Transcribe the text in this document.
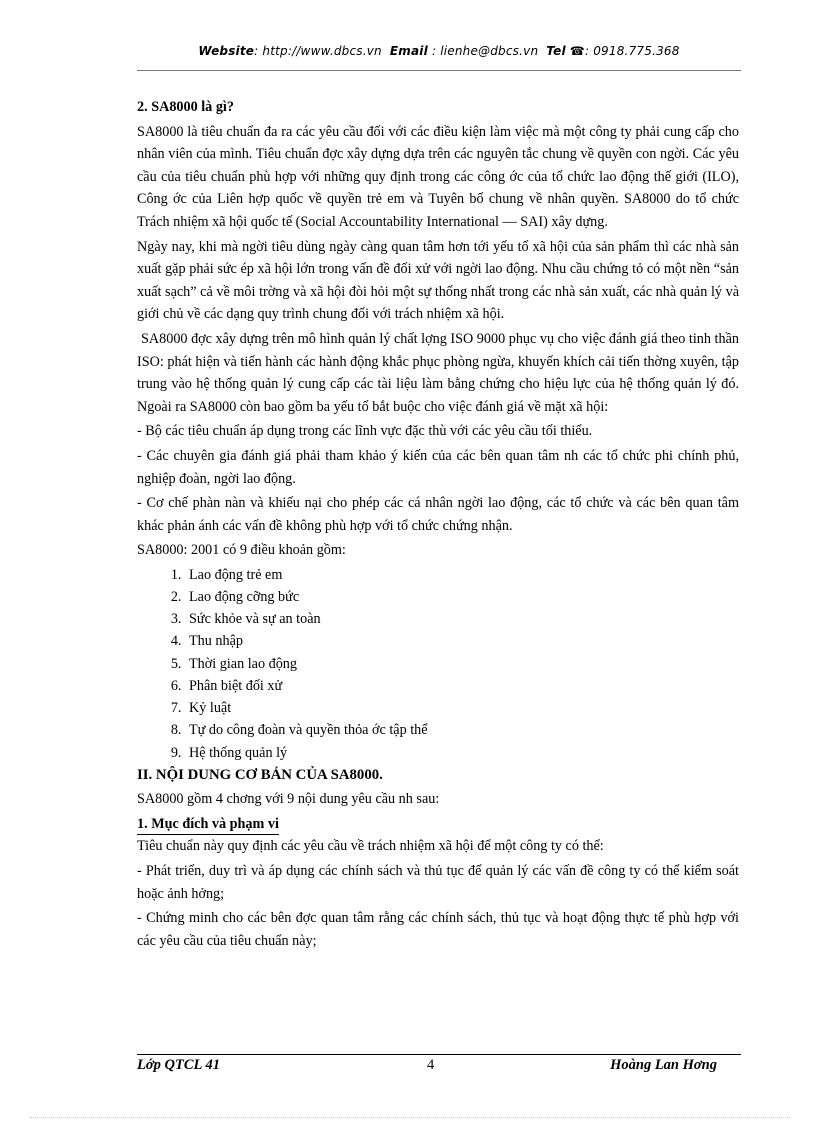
Website: http://www.dbcs.vn Email : lienhe@dbcs.vn Tel ☎: 0918.775.368

2. SA8000 là gì?

SA8000 là tiêu chuẩn đa ra các yêu cầu đối với các điều kiện làm việc mà một công ty phải cung cấp cho nhân viên của mình. Tiêu chuẩn đợc xây dựng dựa trên các nguyên tắc chung về quyền con ngời. Các yêu cầu của tiêu chuẩn phù hợp với những quy định trong các công ớc của tổ chức lao động thế giới (ILO), Công ớc của Liên hợp quốc về quyền trẻ em và Tuyên bố chung về nhân quyền. SA8000 do tổ chức Trách nhiệm xã hội quốc tế (Social Accountability International — SAI) xây dựng.

Ngày nay, khi mà ngời tiêu dùng ngày càng quan tâm hơn tới yếu tố xã hội của sản phẩm thì các nhà sản xuất gặp phải sức ép xã hội lớn trong vấn đề đối xử với ngời lao động. Nhu cầu chứng tỏ có một nền “sản xuất sạch” cả về môi trờng và xã hội đòi hỏi một sự thống nhất trong các nhà sản xuất, các nhà quản lý và giới chủ về các dạng quy trình chung đối với trách nhiệm xã hội.

SA8000 đợc xây dựng trên mô hình quản lý chất lợng ISO 9000 phục vụ cho việc đánh giá theo tinh thần ISO: phát hiện và tiến hành các hành động khắc phục phòng ngừa, khuyến khích cải tiến thờng xuyên, tập trung vào hệ thống quản lý cung cấp các tài liệu làm bằng chứng cho hiệu lực của hệ thống quản lý đó. Ngoài ra SA8000 còn bao gồm ba yếu tố bắt buộc cho việc đánh giá về mặt xã hội:

- Bộ các tiêu chuẩn áp dụng trong các lĩnh vực đặc thù với các yêu cầu tối thiểu.

- Các chuyên gia đánh giá phải tham khảo ý kiến của các bên quan tâm nh các tổ chức phi chính phủ, nghiệp đoàn, ngời lao động.

- Cơ chế phàn nàn và khiếu nại cho phép các cá nhân ngời lao động, các tổ chức và các bên quan tâm khác phản ánh các vấn đề không phù hợp với tổ chức chứng nhận.

SA8000: 2001 có 9 điều khoản gồm:

1. Lao động trẻ em
2. Lao động cỡng bức
3. Sức khỏe và sự an toàn
4. Thu nhập
5. Thời gian lao động
6. Phân biệt đối xử
7. Kỷ luật
8. Tự do công đoàn và quyền thỏa ớc tập thể
9. Hệ thống quản lý

II. NỘI DUNG CƠ BẢN CỦA SA8000.

SA8000 gồm 4 chơng với 9 nội dung yêu cầu nh sau:

1. Mục đích và phạm vi

Tiêu chuẩn này quy định các yêu cầu về trách nhiệm xã hội để một công ty có thể:

- Phát triển, duy trì và áp dụng các chính sách và thủ tục để quản lý các vấn đề công ty có thể kiểm soát hoặc ảnh hởng;

- Chứng minh cho các bên đợc quan tâm rằng các chính sách, thủ tục và hoạt động thực tế phù hợp với các yêu cầu của tiêu chuẩn này;

Lớp QTCL 41	4	Hoàng Lan Hơng
